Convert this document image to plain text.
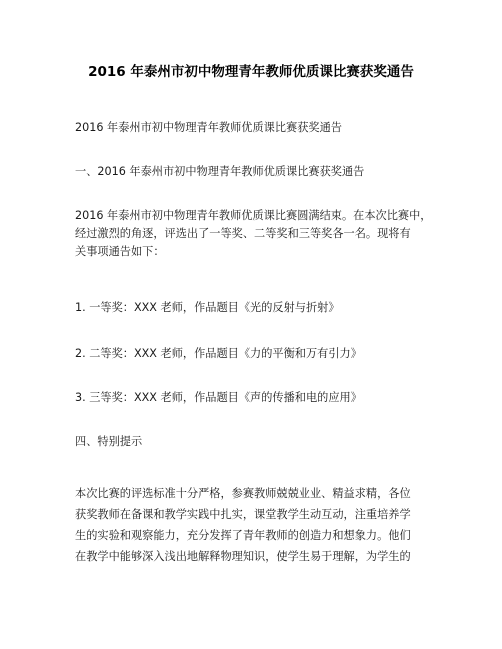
2016 年泰州市初中物理青年教师优质课比赛获奖通告
2016 年泰州市初中物理青年教师优质课比赛获奖通告
一、2016 年泰州市初中物理青年教师优质课比赛获奖通告
2016 年泰州市初中物理青年教师优质课比赛圆满结束。在本次比赛中，
经过激烈的角逐，评选出了一等奖、二等奖和三等奖各一名。现将有
关事项通告如下：
1. 一等奖：XXX 老师，作品题目《光的反射与折射》
2. 二等奖：XXX 老师，作品题目《力的平衡和万有引力》
3. 三等奖：XXX 老师，作品题目《声的传播和电的应用》
四、特别提示
本次比赛的评选标准十分严格，参赛教师兢兢业业、精益求精，各位
获奖教师在备课和教学实践中扎实，课堂教学生动互动，注重培养学
生的实验和观察能力，充分发挥了青年教师的创造力和想象力。他们
在教学中能够深入浅出地解释物理知识，使学生易于理解，为学生的
